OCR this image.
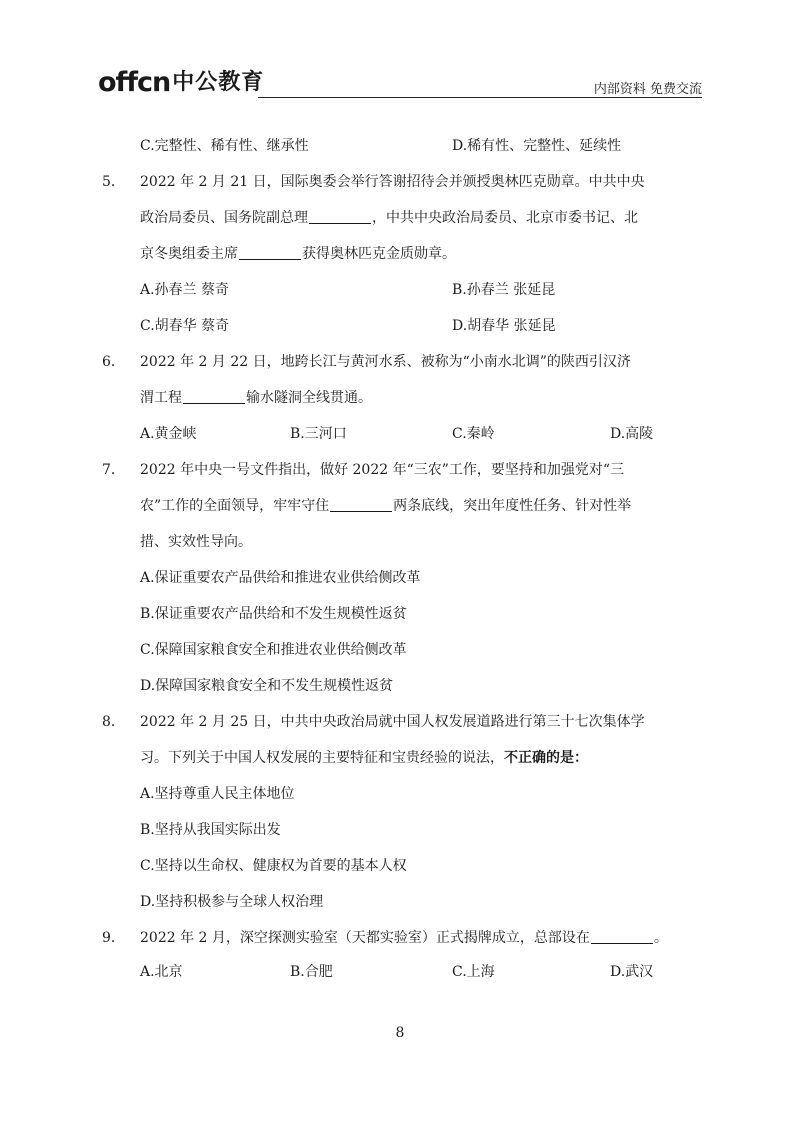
offcn 中公教育	内部资料 免费交流
C.完整性、稀有性、继承性	D.稀有性、完整性、延续性
5． 2022 年 2 月 21 日，国际奥委会举行答谢招待会并颁授奥林匹克勋章。中共中央
政治局委员、国务院副总理	，中共中央政治局委员、北京市委书记、北
京冬奥组委主席	获得奥林匹克金质勋章。
A.孙春兰 蔡奇	B.孙春兰 张延昆
C.胡春华 蔡奇	D.胡春华 张延昆
6． 2022 年 2 月 22 日，地跨长江与黄河水系、被称为“小南水北调”的陕西引汉济
渭工程	输水隧洞全线贯通。
A.黄金峡	B.三河口	C.秦岭	D.高陵
7． 2022 年中央一号文件指出，做好 2022 年“三农”工作，要坚持和加强党对“三
农”工作的全面领导，牢牢守住	两条底线，突出年度性任务、针对性举
措、实效性导向。
A.保证重要农产品供给和推进农业供给侧改革
B.保证重要农产品供给和不发生规模性返贫
C.保障国家粮食安全和推进农业供给侧改革
D.保障国家粮食安全和不发生规模性返贫
8． 2022 年 2 月 25 日，中共中央政治局就中国人权发展道路进行第三十七次集体学
习。下列关于中国人权发展的主要特征和宝贵经验的说法，不正确的是：
A.坚持尊重人民主体地位
B.坚持从我国实际出发
C.坚持以生命权、健康权为首要的基本人权
D.坚持积极参与全球人权治理
9． 2022 年 2 月，深空探测实验室（天都实验室）正式揭牌成立，总部设在	。
A.北京	B.合肥	C.上海	D.武汉
8
